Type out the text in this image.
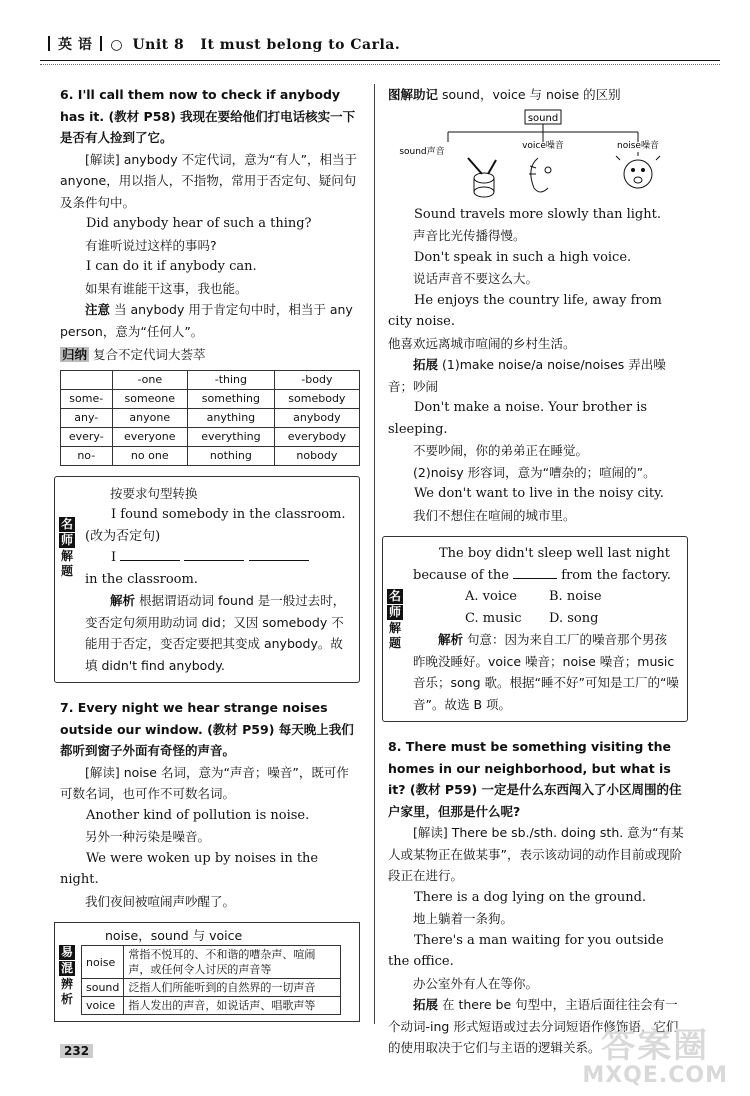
英 语 ○ Unit 8 It must belong to Carla.

6. I'll call them now to check if anybody has it. (教材 P58) 我现在要给他们打电话核实一下是否有人捡到了它。

[解读] anybody 不定代词，意为“有人”，相当于 anyone，用以指人，不指物，常用于否定句、疑问句及条件句中。

Did anybody hear of such a thing?

有谁听说过这样的事吗?

I can do it if anybody can.

如果有谁能干这事，我也能。

注意 当 anybody 用于肯定句中时，相当于 any person，意为“任何人”。

归纳 复合不定代词大荟萃

	-one	-thing	-body
some-	someone	something	somebody
any-	anyone	anything	anybody
every-	everyone	everything	everybody
no-	no one	nothing	nobody
名
师
解
题

按要求句型转换

I found somebody in the classroom. (改为否定句)

I

in the classroom.

解析 根据谓语动词 found 是一般过去时，变否定句须用助动词 did；又因 somebody 不能用于否定，变否定要把其变成 anybody。故填 didn't find anybody.

7. Every night we hear strange noises outside our window. (教材 P59) 每天晚上我们都听到窗子外面有奇怪的声音。

[解读] noise 名词，意为“声音；噪音”，既可作可数名词，也可作不可数名词。

Another kind of pollution is noise.

另外一种污染是噪音。

We were woken up by noises in the night.

我们夜间被喧闹声吵醒了。

易
混
辨
析

noise，sound 与 voice

noise	常指不悦耳的、不和谐的嘈杂声、喧闹声，或任何令人讨厌的声音等
sound	泛指人们所能听到的自然界的一切声音
voice	指人发出的声音，如说话声、唱歌声等

图解助记 sound，voice 与 noise 的区别

sound
sound声音
voice噪音	noise噪音

Sound travels more slowly than light.

声音比光传播得慢。

Don't speak in such a high voice.

说话声音不要这么大。

He enjoys the country life, away from city noise.

他喜欢远离城市喧闹的乡村生活。

拓展 (1)make noise/a noise/noises 弄出噪音；吵闹

Don't make a noise. Your brother is sleeping.

不要吵闹，你的弟弟正在睡觉。

(2)noisy 形容词，意为“嘈杂的；喧闹的”。

We don't want to live in the noisy city.

我们不想住在喧闹的城市里。

名
师
解
题

The boy didn't sleep well last night because of the	from the factory.

A. voice B. noise

C. music D. song

解析 句意：因为来自工厂的噪音那个男孩昨晚没睡好。voice 噪音；noise 噪音；music 音乐；song 歌。根据“睡不好”可知是工厂的“噪音”。故选 B 项。

8. There must be something visiting the homes in our neighborhood, but what is it? (教材 P59) 一定是什么东西闯入了小区周围的住户家里，但那是什么呢?

[解读] There be sb./sth. doing sth. 意为“有某人或某物正在做某事”，表示该动词的动作目前或现阶段正在进行。

There is a dog lying on the ground.

地上躺着一条狗。

There's a man waiting for you outside the office.

办公室外有人在等你。

拓展 在 there be 句型中，主语后面往往会有一个动词-ing 形式短语或过去分词短语作修饰语，它们的使用取决于它们与主语的逻辑关系。

232	答案圈
MXQE.COM
